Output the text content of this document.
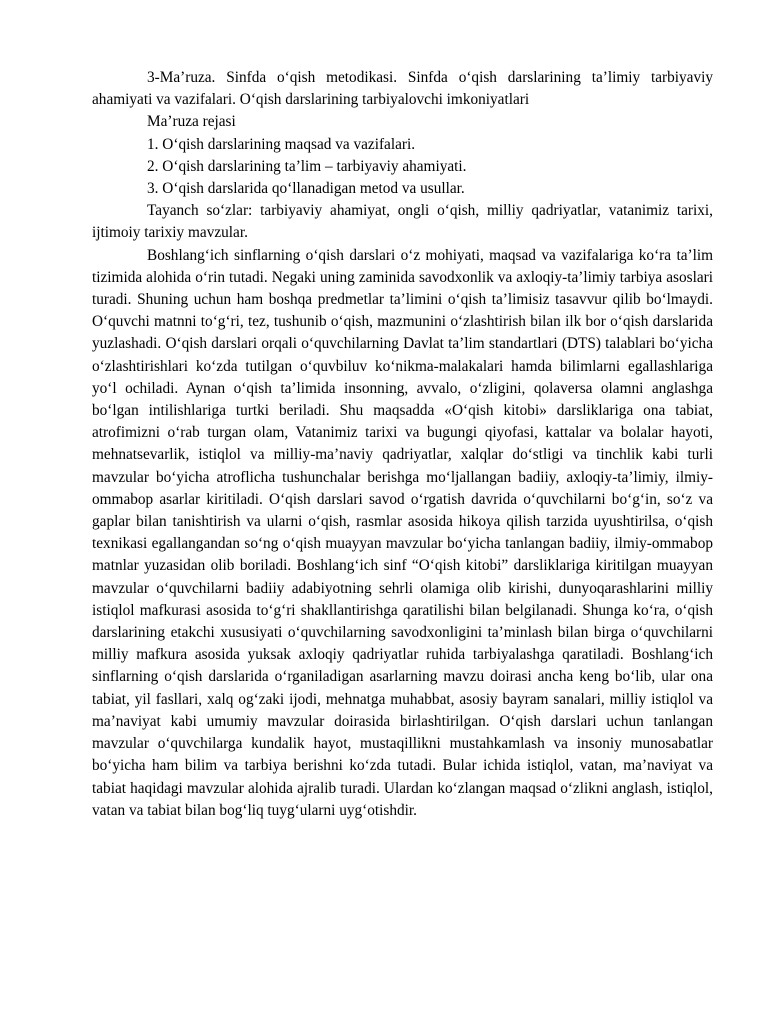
3-Ma’ruza. Sinfda o‘qish metodikasi. Sinfda o‘qish darslarining ta’limiy tarbiyaviy ahamiyati va vazifalari. O‘qish darslarining tarbiyalovchi imkoniyatlari

Ma’ruza rejasi

1. O‘qish darslarining maqsad va vazifalari.

2. O‘qish darslarining ta’lim – tarbiyaviy ahamiyati.

3. O‘qish darslarida qo‘llanadigan metod va usullar.

Tayanch so‘zlar: tarbiyaviy ahamiyat, ongli o‘qish, milliy qadriyatlar, vatanimiz tarixi, ijtimoiy tarixiy mavzular.

Boshlang‘ich sinflarning o‘qish darslari o‘z mohiyati, maqsad va vazifalariga ko‘ra ta’lim tizimida alohida o‘rin tutadi. Negaki uning zaminida savodxonlik va axloqiy-ta’limiy tarbiya asoslari turadi. Shuning uchun ham boshqa predmetlar ta’limini o‘qish ta’limisiz tasavvur qilib bo‘lmaydi. O‘quvchi matnni to‘g‘ri, tez, tushunib o‘qish, mazmunini o‘zlashtirish bilan ilk bor o‘qish darslarida yuzlashadi. O‘qish darslari orqali o‘quvchilarning Davlat ta’lim standartlari (DTS) talablari bo‘yicha o‘zlashtirishlari ko‘zda tutilgan o‘quvbiluv ko‘nikma-malakalari hamda bilimlarni egallashlariga yo‘l ochiladi. Aynan o‘qish ta’limida insonning, avvalo, o‘zligini, qolaversa olamni anglashga bo‘lgan intilishlariga turtki beriladi. Shu maqsadda «O‘qish kitobi» darsliklariga ona tabiat, atrofimizni o‘rab turgan olam, Vatanimiz tarixi va bugungi qiyofasi, kattalar va bolalar hayoti, mehnatsevarlik, istiqlol va milliy-ma’naviy qadriyatlar, xalqlar do‘stligi va tinchlik kabi turli mavzular bo‘yicha atroflicha tushunchalar berishga mo‘ljallangan badiiy, axloqiy-ta’limiy, ilmiy-ommabop asarlar kiritiladi. O‘qish darslari savod o‘rgatish davrida o‘quvchilarni bo‘g‘in, so‘z va gaplar bilan tanishtirish va ularni o‘qish, rasmlar asosida hikoya qilish tarzida uyushtirilsa, o‘qish texnikasi egallangandan so‘ng o‘qish muayyan mavzular bo‘yicha tanlangan badiiy, ilmiy-ommabop matnlar yuzasidan olib boriladi. Boshlang‘ich sinf “O‘qish kitobi” darsliklariga kiritilgan muayyan mavzular o‘quvchilarni badiiy adabiyotning sehrli olamiga olib kirishi, dunyoqarashlarini milliy istiqlol mafkurasi asosida to‘g‘ri shakllantirishga qaratilishi bilan belgilanadi. Shunga ko‘ra, o‘qish darslarining etakchi xususiyati o‘quvchilarning savodxonligini ta’minlash bilan birga o‘quvchilarni milliy mafkura asosida yuksak axloqiy qadriyatlar ruhida tarbiyalashga qaratiladi. Boshlang‘ich sinflarning o‘qish darslarida o‘rganiladigan asarlarning mavzu doirasi ancha keng bo‘lib, ular ona tabiat, yil fasllari, xalq og‘zaki ijodi, mehnatga muhabbat, asosiy bayram sanalari, milliy istiqlol va ma’naviyat kabi umumiy mavzular doirasida birlashtirilgan. O‘qish darslari uchun tanlangan mavzular o‘quvchilarga kundalik hayot, mustaqillikni mustahkamlash va insoniy munosabatlar bo‘yicha ham bilim va tarbiya berishni ko‘zda tutadi. Bular ichida istiqlol, vatan, ma’naviyat va tabiat haqidagi mavzular alohida ajralib turadi. Ulardan ko‘zlangan maqsad o‘zlikni anglash, istiqlol, vatan va tabiat bilan bog‘liq tuyg‘ularni uyg‘otishdir.
